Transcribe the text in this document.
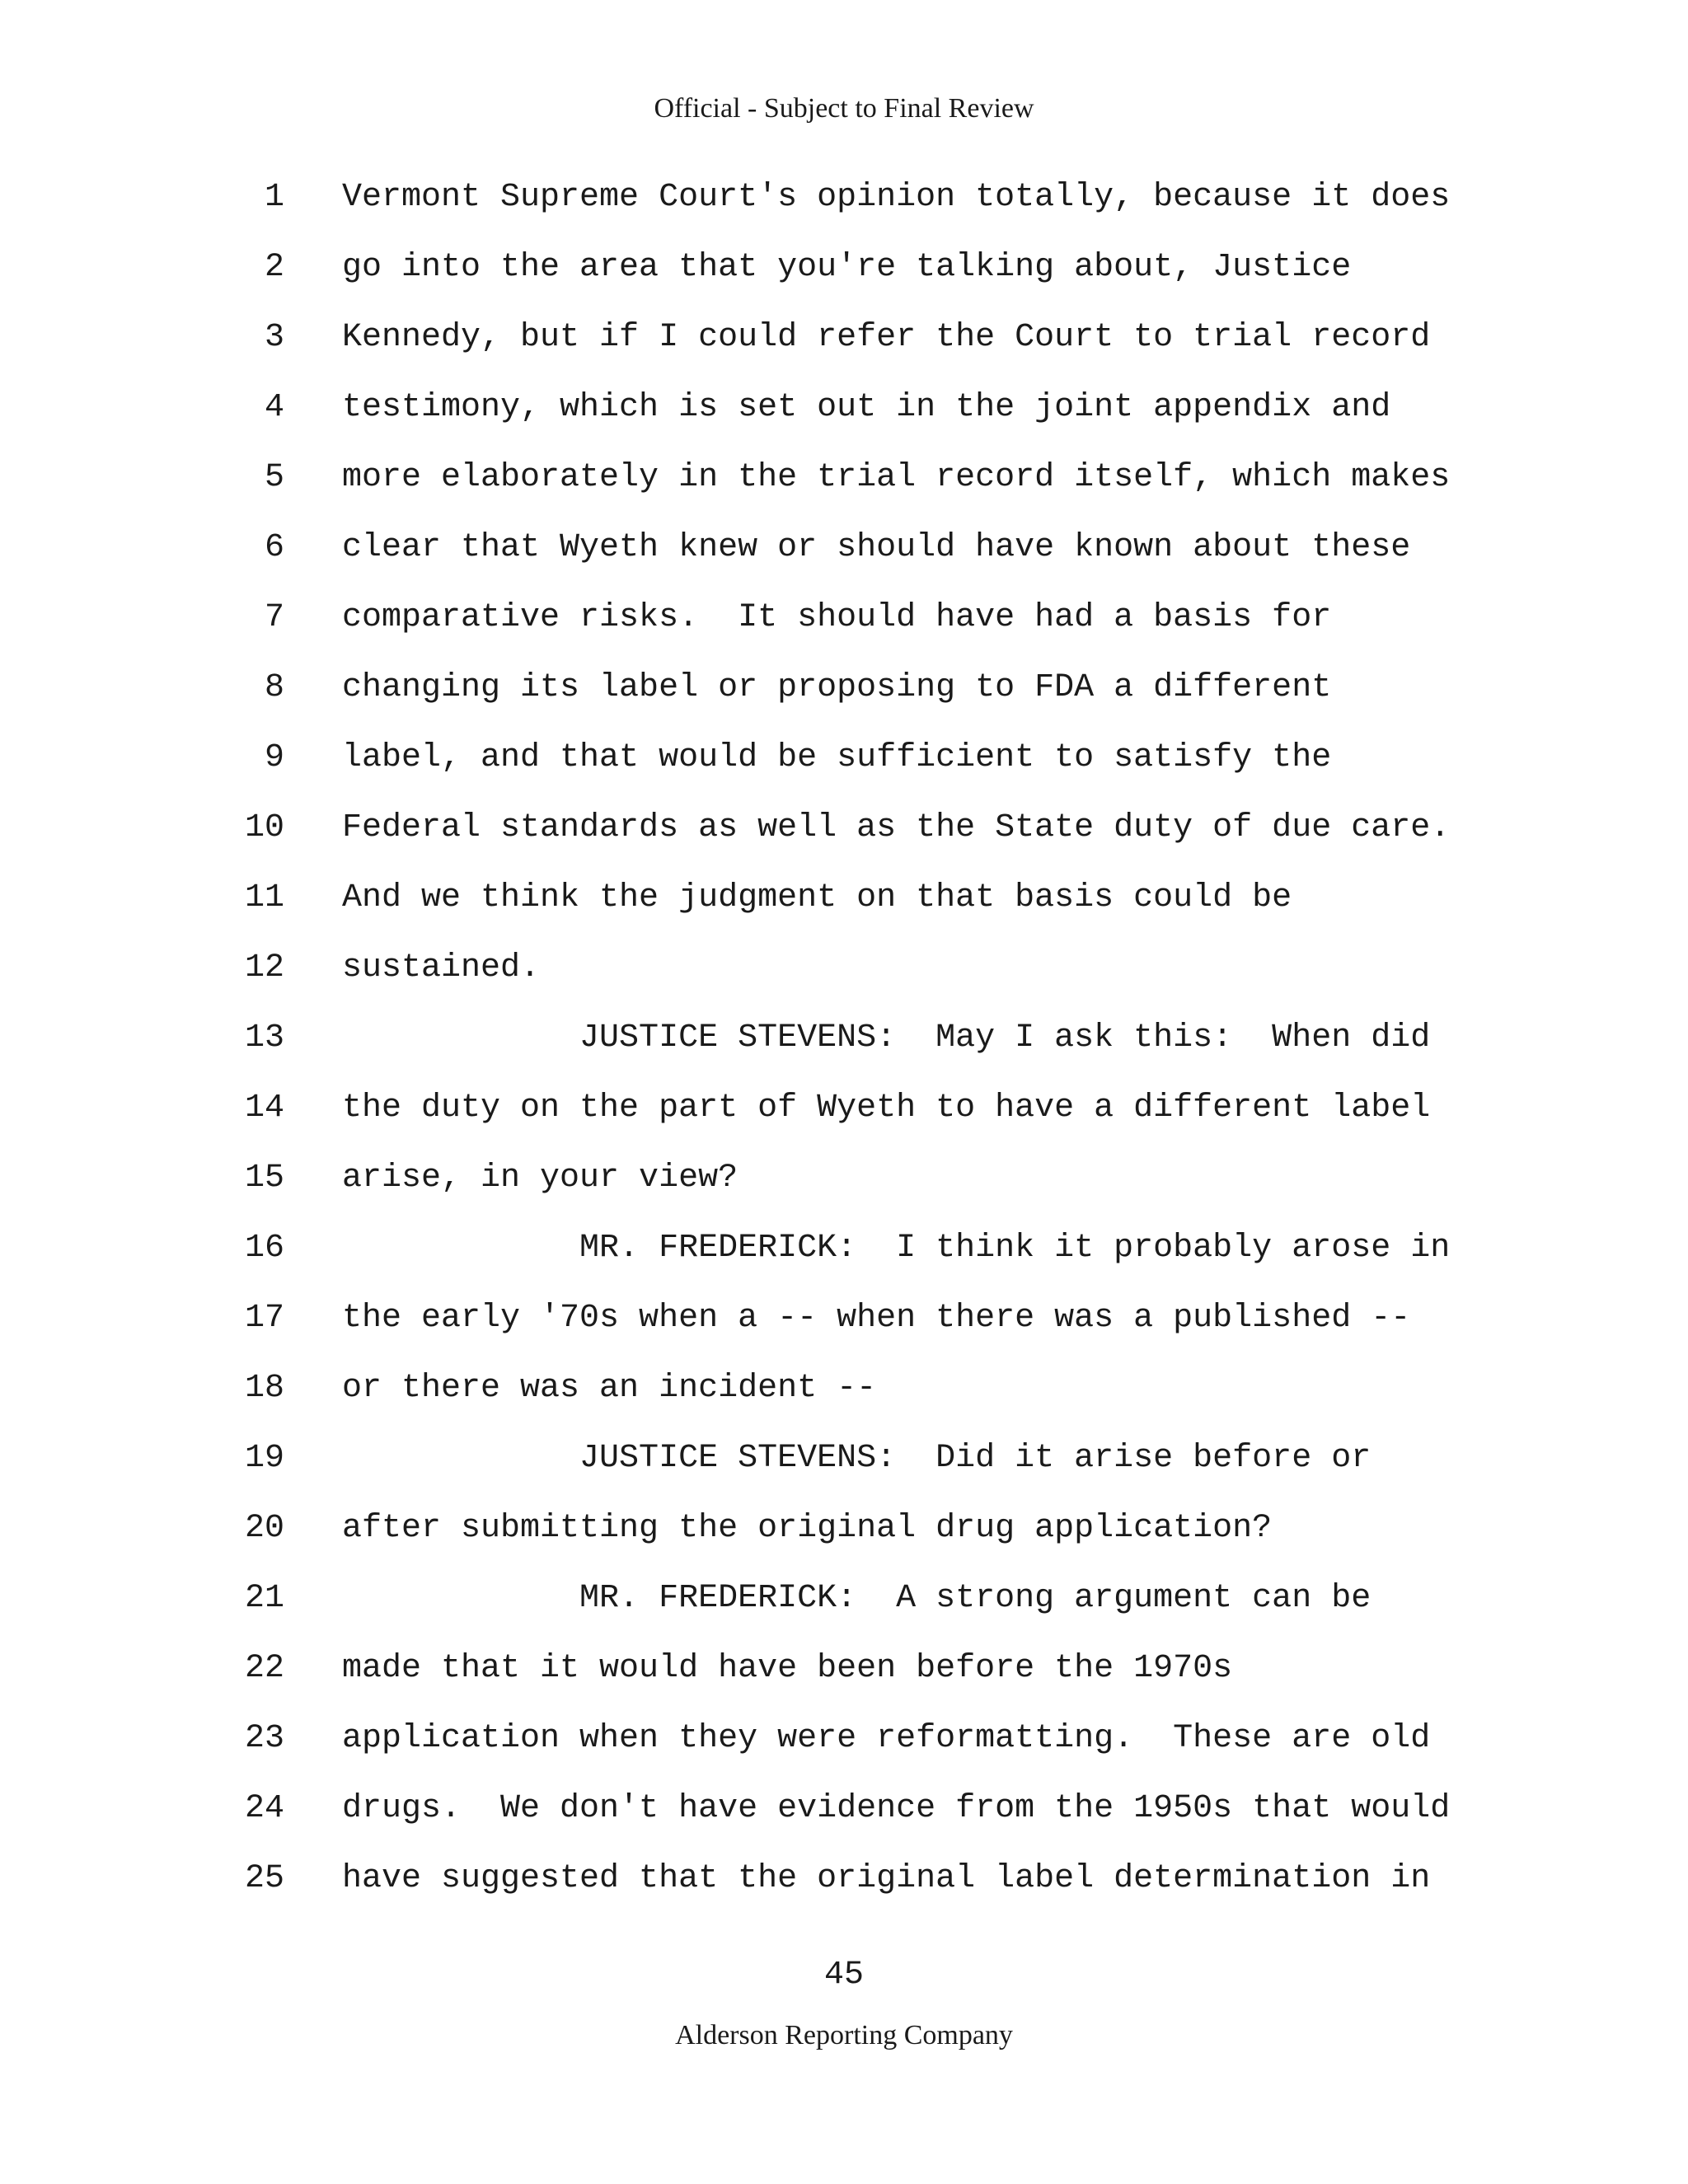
Official - Subject to Final Review
1 Vermont Supreme Court's opinion totally, because it does
2 go into the area that you're talking about, Justice
3 Kennedy, but if I could refer the Court to trial record
4 testimony, which is set out in the joint appendix and
5 more elaborately in the trial record itself, which makes
6 clear that Wyeth knew or should have known about these
7 comparative risks.  It should have had a basis for
8 changing its label or proposing to FDA a different
9 label, and that would be sufficient to satisfy the
10 Federal standards as well as the State duty of due care.
11 And we think the judgment on that basis could be
12 sustained.
13 JUSTICE STEVENS:  May I ask this:  When did
14 the duty on the part of Wyeth to have a different label
15 arise, in your view?
16 MR. FREDERICK:  I think it probably arose in
17 the early '70s when a -- when there was a published --
18 or there was an incident --
19 JUSTICE STEVENS:  Did it arise before or
20 after submitting the original drug application?
21 MR. FREDERICK:  A strong argument can be
22 made that it would have been before the 1970s
23 application when they were reformatting.  These are old
24 drugs.  We don't have evidence from the 1950s that would
25 have suggested that the original label determination in
45
Alderson Reporting Company
